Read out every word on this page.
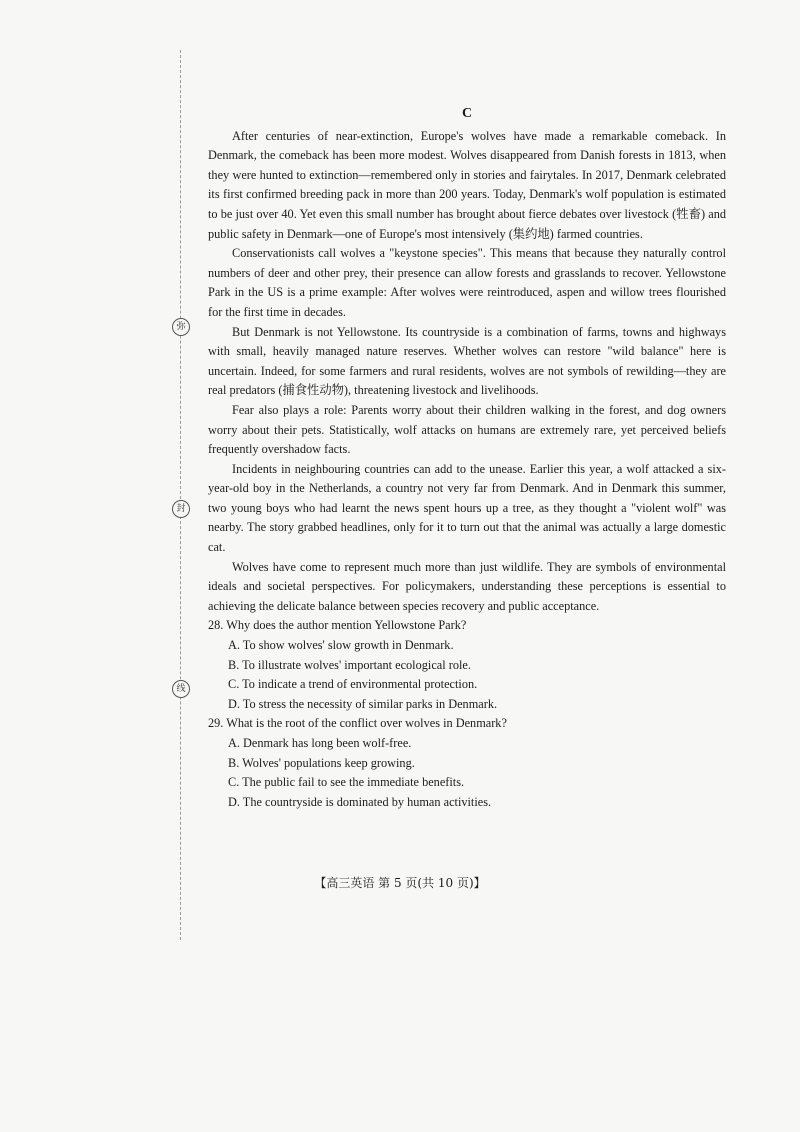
弥
封
线
C

After centuries of near-extinction, Europe's wolves have made a remarkable comeback. In Denmark, the comeback has been more modest. Wolves disappeared from Danish forests in 1813, when they were hunted to extinction—remembered only in stories and fairytales. In 2017, Denmark celebrated its first confirmed breeding pack in more than 200 years. Today, Denmark's wolf population is estimated to be just over 40. Yet even this small number has brought about fierce debates over livestock (牲畜) and public safety in Denmark—one of Europe's most intensively (集约地) farmed countries.

Conservationists call wolves a "keystone species". This means that because they naturally control numbers of deer and other prey, their presence can allow forests and grasslands to recover. Yellowstone Park in the US is a prime example: After wolves were reintroduced, aspen and willow trees flourished for the first time in decades.

But Denmark is not Yellowstone. Its countryside is a combination of farms, towns and highways with small, heavily managed nature reserves. Whether wolves can restore "wild balance" here is uncertain. Indeed, for some farmers and rural residents, wolves are not symbols of rewilding—they are real predators (捕食性动物), threatening livestock and livelihoods.

Fear also plays a role: Parents worry about their children walking in the forest, and dog owners worry about their pets. Statistically, wolf attacks on humans are extremely rare, yet perceived beliefs frequently overshadow facts.

Incidents in neighbouring countries can add to the unease. Earlier this year, a wolf attacked a six-year-old boy in the Netherlands, a country not very far from Denmark. And in Denmark this summer, two young boys who had learnt the news spent hours up a tree, as they thought a "violent wolf" was nearby. The story grabbed headlines, only for it to turn out that the animal was actually a large domestic cat.

Wolves have come to represent much more than just wildlife. They are symbols of environmental ideals and societal perspectives. For policymakers, understanding these perceptions is essential to achieving the delicate balance between species recovery and public acceptance.

28. Why does the author mention Yellowstone Park?

A. To show wolves' slow growth in Denmark.

B. To illustrate wolves' important ecological role.

C. To indicate a trend of environmental protection.

D. To stress the necessity of similar parks in Denmark.

29. What is the root of the conflict over wolves in Denmark?

A. Denmark has long been wolf-free.

B. Wolves' populations keep growing.

C. The public fail to see the immediate benefits.

D. The countryside is dominated by human activities.

【高三英语 第 5 页(共 10 页)】
